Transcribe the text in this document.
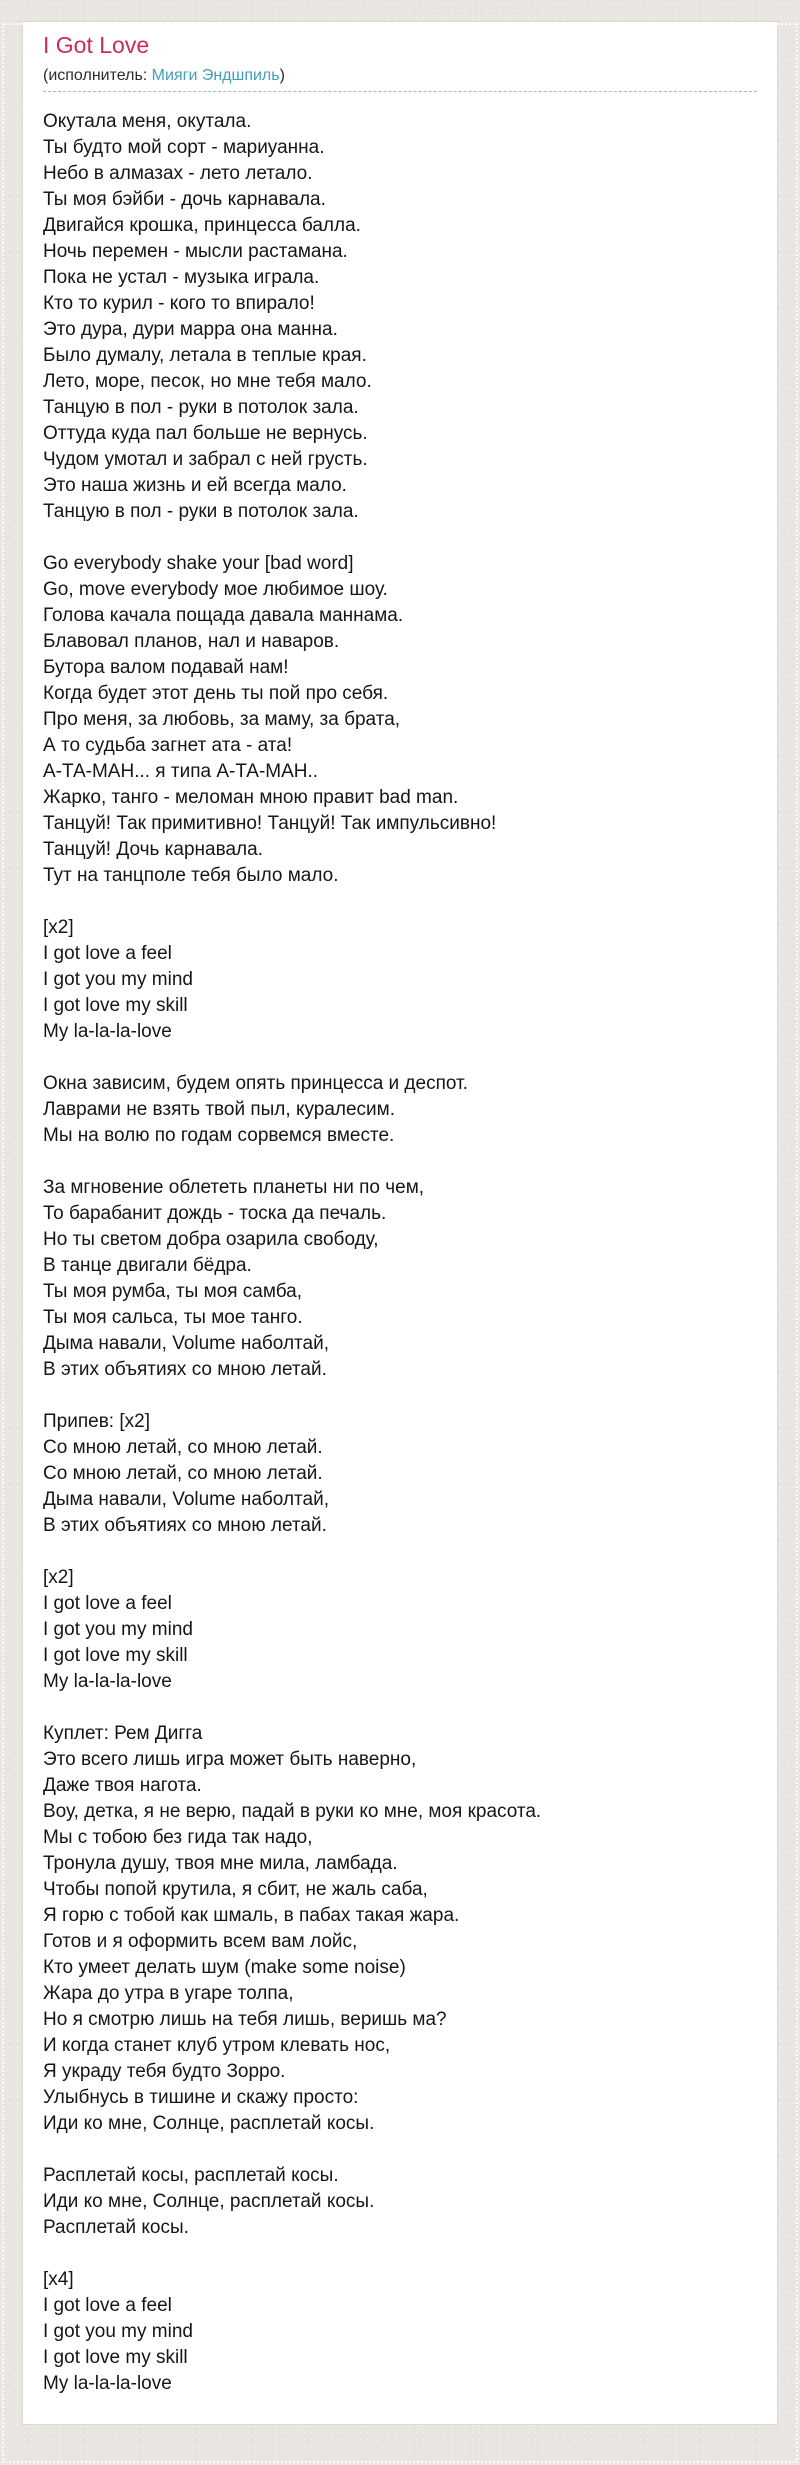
I Got Love
(исполнитель: Мияги Эндшпиль)
Окутала меня, окутала.
Ты будто мой сорт - мариуанна.
Небо в алмазах - лето летало.
Ты моя бэйби - дочь карнавала.
Двигайся крошка, принцесса балла.
Ночь перемен - мысли растамана.
Пока не устал - музыка играла.
Кто то курил - кого то впирало!
Это дура, дури марра она манна.
Было думалу, летала в теплые края.
Лето, море, песок, но мне тебя мало.
Танцую в пол - руки в потолок зала.
Оттуда куда пал больше не вернусь.
Чудом умотал и забрал с ней грусть.
Это наша жизнь и ей всегда мало.
Танцую в пол - руки в потолок зала.
Go everybody shake your [bad word]
Go, move everybody мое любимое шоу.
Голова качала пощада давала маннама.
Блавовал планов, нал и наваров.
Бутора валом подавай нам!
Когда будет этот день ты пой про себя.
Про меня, за любовь, за маму, за брата,
А то судьба загнет ата - ата!
А-ТА-МАН... я типа А-ТА-МАН..
Жарко, танго - меломан мною правит bad man.
Танцуй! Так примитивно! Танцуй! Так импульсивно!
Танцуй! Дочь карнавала.
Тут на танцполе тебя было мало.
[x2]
I got love a feel
I got you my mind
I got love my skill
My la-la-la-love
Окна зависим, будем опять принцесса и деспот.
Лаврами не взять твой пыл, куралесим.
Мы на волю по годам сорвемся вместе.
За мгновение облететь планеты ни по чем,
То барабанит дождь - тоска да печаль.
Но ты светом добра озарила свободу,
В танце двигали бёдра.
Ты моя румба, ты моя самба,
Ты моя сальса, ты мое танго.
Дыма навали, Volume наболтай,
В этих объятиях со мною летай.
Припев: [x2]
Со мною летай, со мною летай.
Со мною летай, со мною летай.
Дыма навали, Volume наболтай,
В этих объятиях со мною летай.
[x2]
I got love a feel
I got you my mind
I got love my skill
My la-la-la-love
Куплет: Рем Дигга
Это всего лишь игра может быть наверно,
Даже твоя нагота.
Воу, детка, я не верю, падай в руки ко мне, моя красота.
Мы с тобою без гида так надо,
Тронула душу, твоя мне мила, ламбада.
Чтобы попой крутила, я сбит, не жаль саба,
Я горю с тобой как шмаль, в пабах такая жара.
Готов и я оформить всем вам лойс,
Кто умеет делать шум (make some noise)
Жара до утра в угаре толпа,
Но я смотрю лишь на тебя лишь, веришь ма?
И когда станет клуб утром клевать нос,
Я украду тебя будто Зорро.
Улыбнусь в тишине и скажу просто:
Иди ко мне, Солнце, расплетай косы.
Расплетай косы, расплетай косы.
Иди ко мне, Солнце, расплетай косы.
Расплетай косы.
[x4]
I got love a feel
I got you my mind
I got love my skill
My la-la-la-love
